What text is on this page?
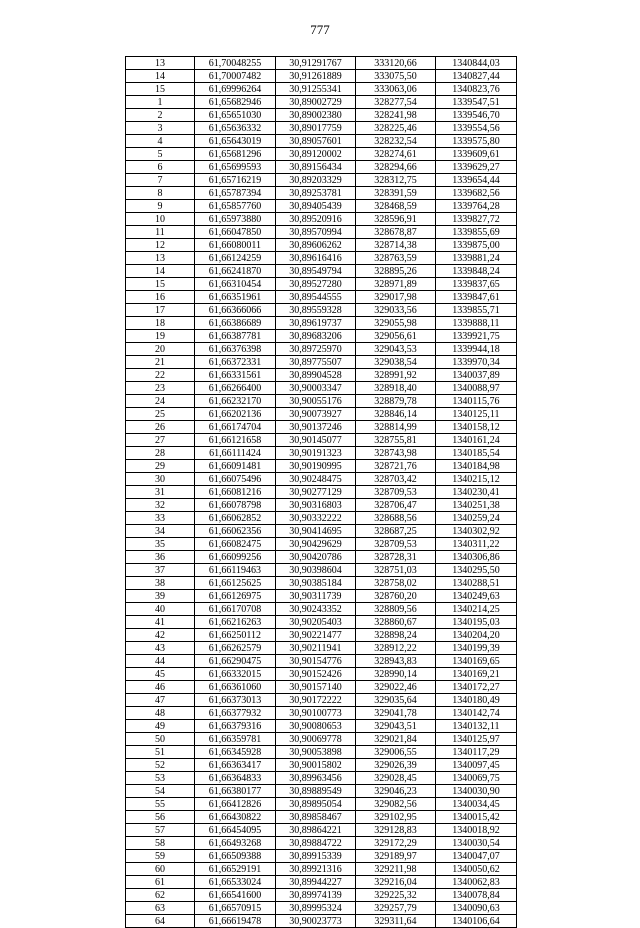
777
13	61,70048255	30,91291767	333120,66	1340844,03
14	61,70007482	30,91261889	333075,50	1340827,44
15	61,69996264	30,91255341	333063,06	1340823,76
1	61,65682946	30,89002729	328277,54	1339547,51
2	61,65651030	30,89002380	328241,98	1339546,70
3	61,65636332	30,89017759	328225,46	1339554,56
4	61,65643019	30,89057601	328232,54	1339575,80
5	61,65681296	30,89120002	328274,61	1339609,61
6	61,65699593	30,89156434	328294,66	1339629,27
7	61,65716219	30,89203329	328312,75	1339654,44
8	61,65787394	30,89253781	328391,59	1339682,56
9	61,65857760	30,89405439	328468,59	1339764,28
10	61,65973880	30,89520916	328596,91	1339827,72
11	61,66047850	30,89570994	328678,87	1339855,69
12	61,66080011	30,89606262	328714,38	1339875,00
13	61,66124259	30,89616416	328763,59	1339881,24
14	61,66241870	30,89549794	328895,26	1339848,24
15	61,66310454	30,89527280	328971,89	1339837,65
16	61,66351961	30,89544555	329017,98	1339847,61
17	61,66366066	30,89559328	329033,56	1339855,71
18	61,66386689	30,89619737	329055,98	1339888,11
19	61,66387781	30,89683206	329056,61	1339921,75
20	61,66376398	30,89725970	329043,53	1339944,18
21	61,66372331	30,89775507	329038,54	1339970,34
22	61,66331561	30,89904528	328991,92	1340037,89
23	61,66266400	30,90003347	328918,40	1340088,97
24	61,66232170	30,90055176	328879,78	1340115,76
25	61,66202136	30,90073927	328846,14	1340125,11
26	61,66174704	30,90137246	328814,99	1340158,12
27	61,66121658	30,90145077	328755,81	1340161,24
28	61,66111424	30,90191323	328743,98	1340185,54
29	61,66091481	30,90190995	328721,76	1340184,98
30	61,66075496	30,90248475	328703,42	1340215,12
31	61,66081216	30,90277129	328709,53	1340230,41
32	61,66078798	30,90316803	328706,47	1340251,38
33	61,66062852	30,90332222	328688,56	1340259,24
34	61,66062356	30,90414695	328687,25	1340302,92
35	61,66082475	30,90429629	328709,53	1340311,22
36	61,66099256	30,90420786	328728,31	1340306,86
37	61,66119463	30,90398604	328751,03	1340295,50
38	61,66125625	30,90385184	328758,02	1340288,51
39	61,66126975	30,90311739	328760,20	1340249,63
40	61,66170708	30,90243352	328809,56	1340214,25
41	61,66216263	30,90205403	328860,67	1340195,03
42	61,66250112	30,90221477	328898,24	1340204,20
43	61,66262579	30,90211941	328912,22	1340199,39
44	61,66290475	30,90154776	328943,83	1340169,65
45	61,66332015	30,90152426	328990,14	1340169,21
46	61,66361060	30,90157140	329022,46	1340172,27
47	61,66373013	30,90172222	329035,64	1340180,49
48	61,66377932	30,90100773	329041,78	1340142,74
49	61,66379316	30,90080653	329043,51	1340132,11
50	61,66359781	30,90069778	329021,84	1340125,97
51	61,66345928	30,90053898	329006,55	1340117,29
52	61,66363417	30,90015802	329026,39	1340097,45
53	61,66364833	30,89963456	329028,45	1340069,75
54	61,66380177	30,89889549	329046,23	1340030,90
55	61,66412826	30,89895054	329082,56	1340034,45
56	61,66430822	30,89858467	329102,95	1340015,42
57	61,66454095	30,89864221	329128,83	1340018,92
58	61,66493268	30,89884722	329172,29	1340030,54
59	61,66509388	30,89915339	329189,97	1340047,07
60	61,66529191	30,89921316	329211,98	1340050,62
61	61,66533024	30,89944227	329216,04	1340062,83
62	61,66541600	30,89974139	329225,32	1340078,84
63	61,66570915	30,89995324	329257,79	1340090,63
64	61,66619478	30,90023773	329311,64	1340106,64
